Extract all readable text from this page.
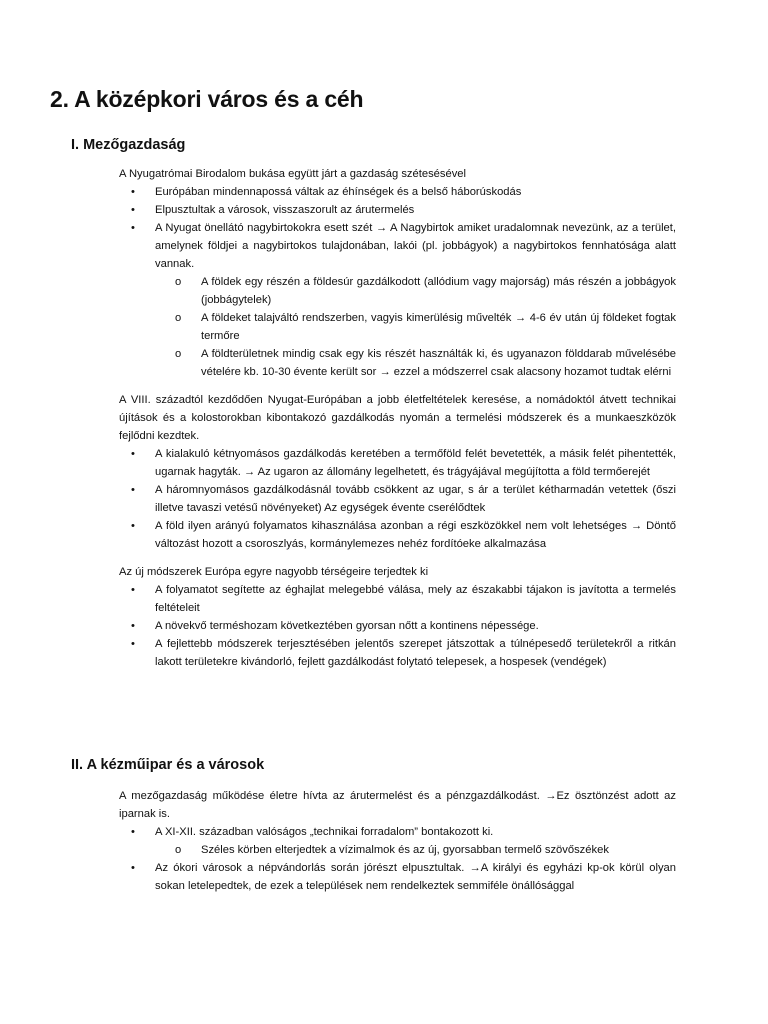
2. A középkori város és a céh
I. Mezőgazdaság

A Nyugatrómai Birodalom bukása együtt járt a gazdaság szétesésével

•	Európában mindennapossá váltak az éhínségek és a belső háborúskodás
•	Elpusztultak a városok, visszaszorult az árutermelés
•	A Nyugat önellátó nagybirtokokra esett szét → A Nagybirtok amiket uradalomnak nevezünk, az a terület, amelynek földjei a nagybirtokos tulajdonában, lakói (pl. jobbágyok) a nagybirtokos fennhatósága alatt vannak.
o	A földek egy részén a földesúr gazdálkodott (allódium vagy majorság) más részén a jobbágyok (jobbágytelek)
o	A földeket talajváltó rendszerben, vagyis kimerülésig művelték → 4-6 év után új földeket fogtak termőre
o	A földterületnek mindig csak egy kis részét használták ki, és ugyanazon földdarab művelésébe vételére kb. 10-30 évente került sor → ezzel a módszerrel csak alacsony hozamot tudtak elérni

A VIII. századtól kezdődően Nyugat-Európában a jobb életfeltételek keresése, a nomádoktól átvett technikai újítások és a kolostorokban kibontakozó gazdálkodás nyomán a termelési módszerek és a munkaeszközök fejlődni kezdtek.

•	A kialakuló kétnyomásos gazdálkodás keretében a termőföld felét bevetették, a másik felét pihentették, ugarnak hagyták. → Az ugaron az állomány legelhetett, és trágyájával megújította a föld termőerejét
•	A háromnyomásos gazdálkodásnál tovább csökkent az ugar, s ár a terület kétharmadán vetettek (őszi illetve tavaszi vetésű növényeket) Az egységek évente cserélődtek
•	A föld ilyen arányú folyamatos kihasználása azonban a régi eszközökkel nem volt lehetséges → Döntő változást hozott a csoroszlyás, kormánylemezes nehéz fordítóeke alkalmazása

Az új módszerek Európa egyre nagyobb térségeire terjedtek ki

•	A folyamatot segítette az éghajlat melegebbé válása, mely az északabbi tájakon is javította a termelés feltételeit
•	A növekvő terméshozam következtében gyorsan nőtt a kontinens népessége.
•	A fejlettebb módszerek terjesztésében jelentős szerepet játszottak a túlnépesedő területekről a ritkán lakott területekre kivándorló, fejlett gazdálkodást folytató telepesek, a hospesek (vendégek)
II. A kézműipar és a városok

A mezőgazdaság működése életre hívta az árutermelést és a pénzgazdálkodást. →Ez ösztönzést adott az iparnak is.

•	A XI-XII. században valóságos „technikai forradalom” bontakozott ki.
o	Széles körben elterjedtek a vízimalmok és az új, gyorsabban termelő szövőszékek
•	Az ókori városok a népvándorlás során jórészt elpusztultak. →A királyi és egyházi kp-ok körül olyan sokan letelepedtek, de ezek a települések nem rendelkeztek semmiféle önállósággal
